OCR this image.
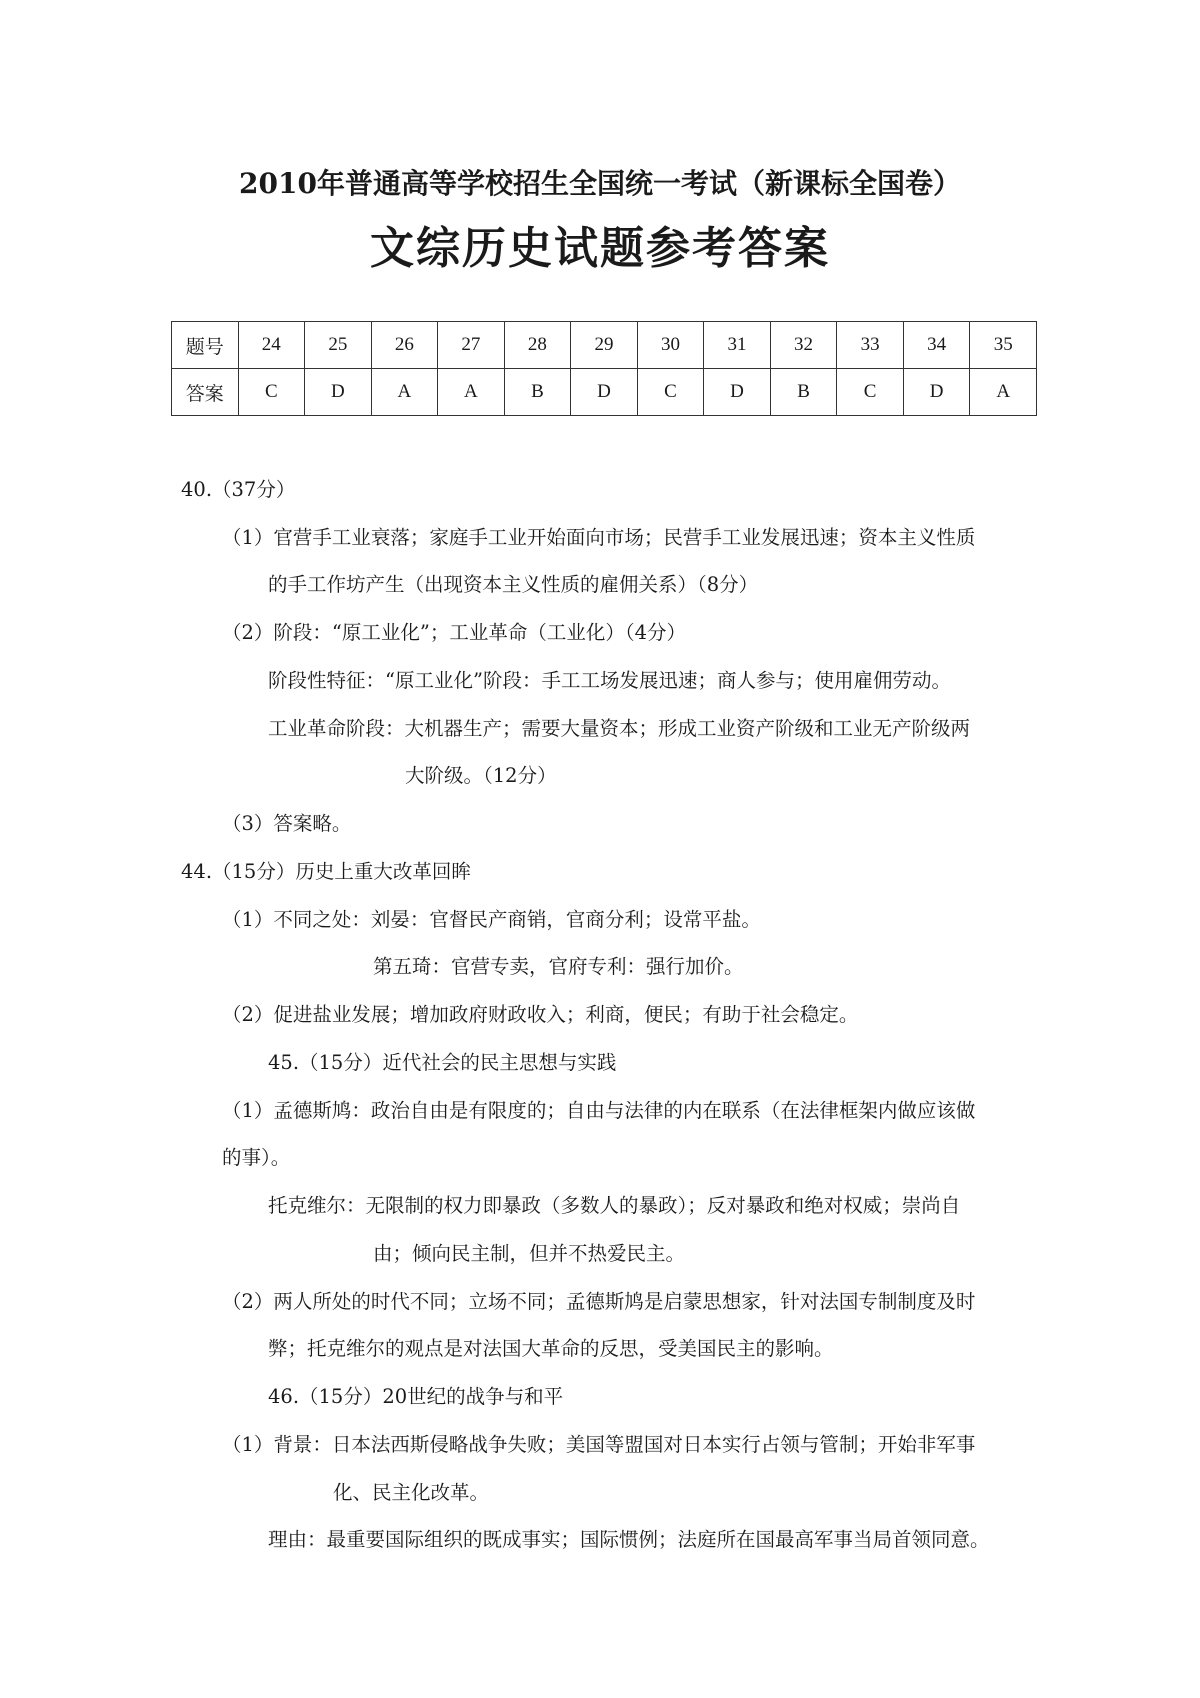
2010年普通高等学校招生全国统一考试（新课标全国卷）
文综历史试题参考答案
题号	24	25	26	27	28	29	30	31	32	33	34	35
答案	C	D	A	A	B	D	C	D	B	C	D	A
40.（37分）
（1）官营手工业衰落；家庭手工业开始面向市场；民营手工业发展迅速；资本主义性质
的手工作坊产生（出现资本主义性质的雇佣关系）（8分）
（2）阶段：“原工业化”；工业革命（工业化）（4分）
阶段性特征：“原工业化”阶段：手工工场发展迅速；商人参与；使用雇佣劳动。
工业革命阶段：大机器生产；需要大量资本；形成工业资产阶级和工业无产阶级两
大阶级。（12分）
（3）答案略。
44.（15分）历史上重大改革回眸
（1）不同之处：刘晏：官督民产商销，官商分利；设常平盐。
第五琦：官营专卖，官府专利：强行加价。
（2）促进盐业发展；增加政府财政收入；利商，便民；有助于社会稳定。
45.（15分）近代社会的民主思想与实践
（1）孟德斯鸠：政治自由是有限度的；自由与法律的内在联系（在法律框架内做应该做
的事）。
托克维尔：无限制的权力即暴政（多数人的暴政）；反对暴政和绝对权威；崇尚自
由；倾向民主制，但并不热爱民主。
（2）两人所处的时代不同；立场不同；孟德斯鸠是启蒙思想家，针对法国专制制度及时
弊；托克维尔的观点是对法国大革命的反思，受美国民主的影响。
46.（15分）20世纪的战争与和平
（1）背景：日本法西斯侵略战争失败；美国等盟国对日本实行占领与管制；开始非军事
化、民主化改革。
理由：最重要国际组织的既成事实；国际惯例；法庭所在国最高军事当局首领同意。
